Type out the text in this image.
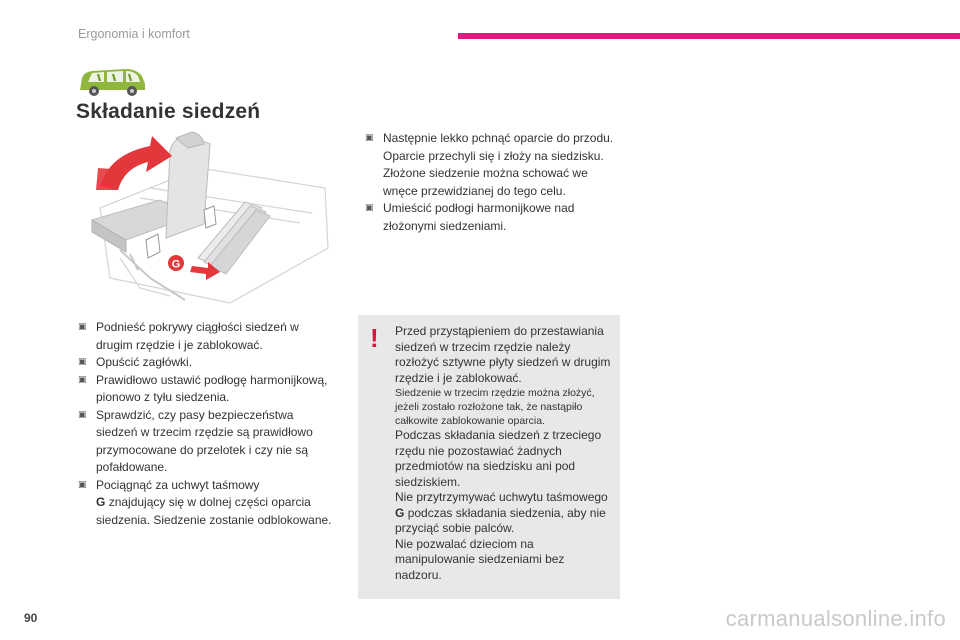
Ergonomia i komfort
Składanie siedzeń
G
▣ Podnieść pokrywy ciągłości siedzeń w drugim rzędzie i je zablokować.
▣ Opuścić zagłówki.
▣ Prawidłowo ustawić podłogę harmonijkową, pionowo z tyłu siedzenia.
▣ Sprawdzić, czy pasy bezpieczeństwa siedzeń w trzecim rzędzie są prawidłowo przymocowane do przelotek i czy nie są pofałdowane.
▣ Pociągnąć za uchwyt taśmowy
G znajdujący się w dolnej części oparcia siedzenia. Siedzenie zostanie odblokowane.
▣ Następnie lekko pchnąć oparcie do przodu. Oparcie przechyli się i złoży na siedzisku. Złożone siedzenie można schować we wnęce przewidzianej do tego celu.
▣ Umieścić podłogi harmonijkowe nad złożonymi siedzeniami.
! Przed przystąpieniem do przestawiania siedzeń w trzecim rzędzie należy rozłożyć sztywne płyty siedzeń w drugim rzędzie i je zablokować.
Siedzenie w trzecim rzędzie można złożyć, jeżeli zostało rozłożone tak, że nastąpiło całkowite zablokowanie oparcia.
Podczas składania siedzeń z trzeciego rzędu nie pozostawiać żadnych przedmiotów na siedzisku ani pod siedziskiem.
Nie przytrzymywać uchwytu taśmowego G podczas składania siedzenia, aby nie przyciąć sobie palców.
Nie pozwalać dzieciom na manipulowanie siedzeniami bez nadzoru.
90	carmanualsonline.info
